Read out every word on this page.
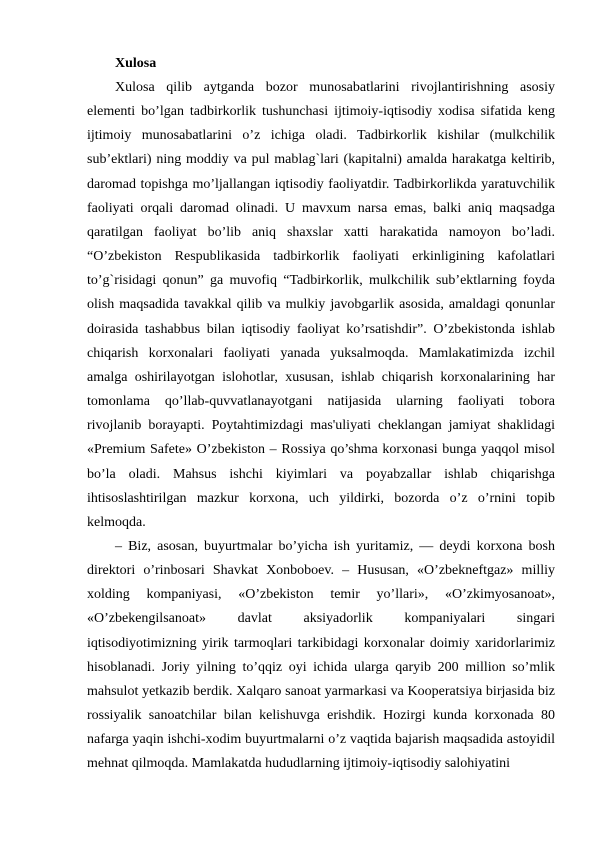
Xulosa

Xulosa qilib aytganda bozor munosabatlarini rivojlantirishning asosiy elementi bo’lgan tadbirkorlik tushunchasi ijtimoiy-iqtisodiy xodisa sifatida keng ijtimoiy munosabatlarini o’z ichiga oladi. Tadbirkorlik kishilar (mulkchilik sub’ektlari) ning moddiy va pul mablag`lari (kapitalni) amalda harakatga keltirib, daromad topishga mo’ljallangan iqtisodiy faoliyatdir. Tadbirkorlikda yaratuvchilik faoliyati orqali daromad olinadi. U mavxum narsa emas, balki aniq maqsadga qaratilgan faoliyat bo’lib aniq shaxslar xatti harakatida namoyon bo’ladi. “O’zbekiston Respublikasida tadbirkorlik faoliyati erkinligining kafolatlari to’g`risidagi qonun” ga muvofiq “Tadbirkorlik, mulkchilik sub’ektlarning foyda olish maqsadida tavakkal qilib va mulkiy javobgarlik asosida, amaldagi qonunlar doirasida tashabbus bilan iqtisodiy faoliyat ko’rsatishdir”. O’zbekistonda ishlab chiqarish korxonalari faoliyati yanada yuksalmoqda. Mamlakatimizda izchil amalga oshirilayotgan islohotlar, xususan, ishlab chiqarish korxonalarining har tomonlama qo’llab-quvvatlanayotgani natijasida ularning faoliyati tobora rivojlanib borayapti. Poytahtimizdagi mas'uliyati cheklangan jamiyat shaklidagi «Premium Safete» O’zbekiston – Rossiya qo’shma korxonasi bunga yaqqol misol bo’la oladi. Mahsus ishchi kiyimlari va poyabzallar ishlab chiqarishga ihtisoslashtirilgan mazkur korxona, uch yildirki, bozorda o’z o’rnini topib kelmoqda.

– Biz, asosan, buyurtmalar bo’yicha ish yuritamiz, — deydi korxona bosh direktori o’rinbosari Shavkat Xonboboev. – Hususan, «O’zbekneftgaz» milliy xolding kompaniyasi, «O’zbekiston temir yo’llari», «O’zkimyosanoat», «O’zbekengilsanoat» davlat aksiyadorlik kompaniyalari singari iqtisodiyotimizning yirik tarmoqlari tarkibidagi korxonalar doimiy xaridorlarimiz hisoblanadi. Joriy yilning to’qqiz oyi ichida ularga qaryib 200 million so’mlik mahsulot yetkazib berdik. Xalqaro sanoat yarmarkasi va Kooperatsiya birjasida biz rossiyalik sanoatchilar bilan kelishuvga erishdik. Hozirgi kunda korxonada 80 nafarga yaqin ishchi-xodim buyurtmalarni o’z vaqtida bajarish maqsadida astoyidil mehnat qilmoqda. Mamlakatda hududlarning ijtimoiy-iqtisodiy salohiyatini
